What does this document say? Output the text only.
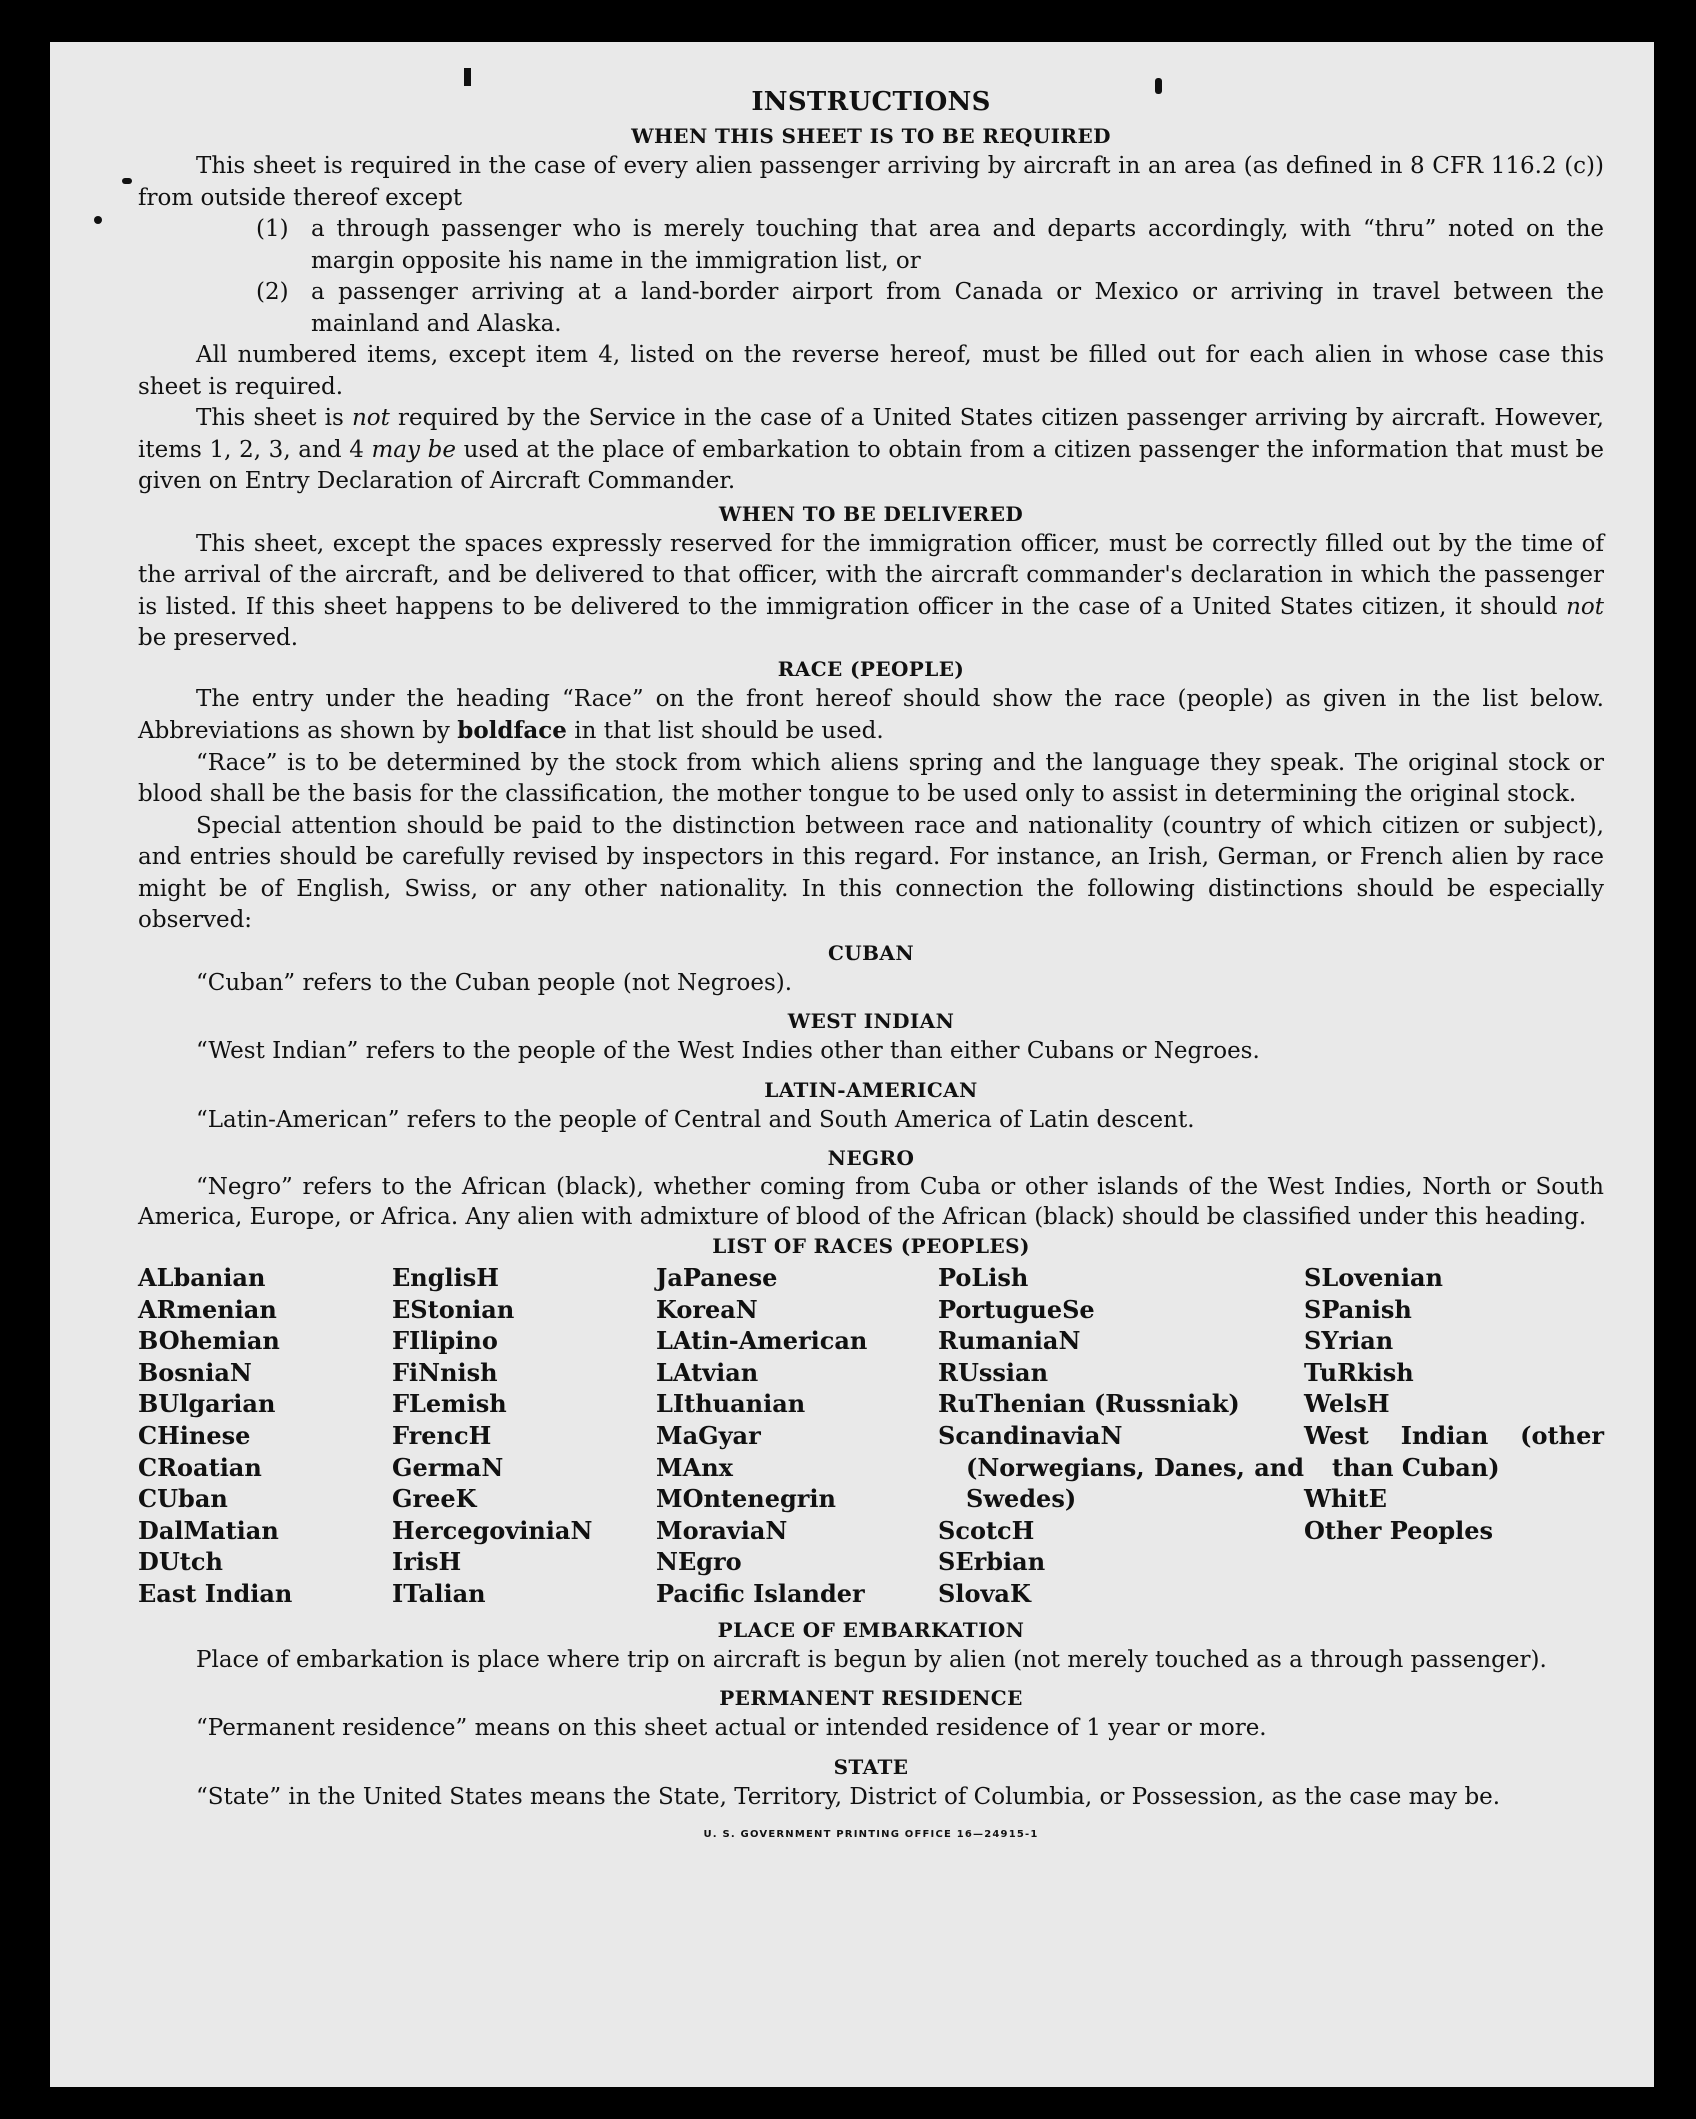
INSTRUCTIONS
WHEN THIS SHEET IS TO BE REQUIRED

This sheet is required in the case of every alien passenger arriving by aircraft in an area (as defined in 8 CFR 116.2 (c)) from outside thereof except

(1) a through passenger who is merely touching that area and departs accordingly, with “thru” noted on the margin opposite his name in the immigration list, or
(2) a passenger arriving at a land-border airport from Canada or Mexico or arriving in travel between the mainland and Alaska.

All numbered items, except item 4, listed on the reverse hereof, must be filled out for each alien in whose case this sheet is required.

This sheet is not required by the Service in the case of a United States citizen passenger arriving by aircraft. However, items 1, 2, 3, and 4 may be used at the place of embarkation to obtain from a citizen passenger the information that must be given on Entry Declaration of Aircraft Commander.

WHEN TO BE DELIVERED

This sheet, except the spaces expressly reserved for the immigration officer, must be correctly filled out by the time of the arrival of the aircraft, and be delivered to that officer, with the aircraft commander's declaration in which the passenger is listed. If this sheet happens to be delivered to the immigration officer in the case of a United States citizen, it should not be preserved.

RACE (PEOPLE)

The entry under the heading “Race” on the front hereof should show the race (people) as given in the list below. Abbreviations as shown by boldface in that list should be used.

“Race” is to be determined by the stock from which aliens spring and the language they speak. The original stock or blood shall be the basis for the classification, the mother tongue to be used only to assist in determining the original stock.

Special attention should be paid to the distinction between race and nationality (country of which citizen or subject), and entries should be carefully revised by inspectors in this regard. For instance, an Irish, German, or French alien by race might be of English, Swiss, or any other nationality. In this connection the following distinctions should be especially observed:

CUBAN

“Cuban” refers to the Cuban people (not Negroes).

WEST INDIAN

“West Indian” refers to the people of the West Indies other than either Cubans or Negroes.

LATIN-AMERICAN

“Latin-American” refers to the people of Central and South America of Latin descent.

NEGRO

“Negro” refers to the African (black), whether coming from Cuba or other islands of the West Indies, North or South America, Europe, or Africa. Any alien with admixture of blood of the African (black) should be classified under this heading.

LIST OF RACES (PEOPLES)
ALbanian
ARmenian
BOhemian
BosniaN
BUlgarian
CHinese
CRoatian
CUban
DalMatian
DUtch
East Indian
EnglisH
EStonian
FIlipino
FiNnish
FLemish
FrencH
GermaN
GreeK
HercegoviniaN
IrisH
ITalian
JaPanese
KoreaN
LAtin-American
LAtvian
LIthuanian
MaGyar
MAnx
MOntenegrin
MoraviaN
NEgro
Pacific Islander
PoLish
PortugueSe
RumaniaN
RUssian
RuThenian (Russniak)
ScandinaviaN (Norwegians, Danes, and Swedes)
ScotcH
SErbian
SlovaK
SLovenian
SPanish
SYrian
TuRkish
WelsH
West Indian (other than Cuban)
WhitE
Other Peoples
PLACE OF EMBARKATION

Place of embarkation is place where trip on aircraft is begun by alien (not merely touched as a through passenger).

PERMANENT RESIDENCE

“Permanent residence” means on this sheet actual or intended residence of 1 year or more.

STATE

“State” in the United States means the State, Territory, District of Columbia, or Possession, as the case may be.

U. S. GOVERNMENT PRINTING OFFICE 16—24915-1
